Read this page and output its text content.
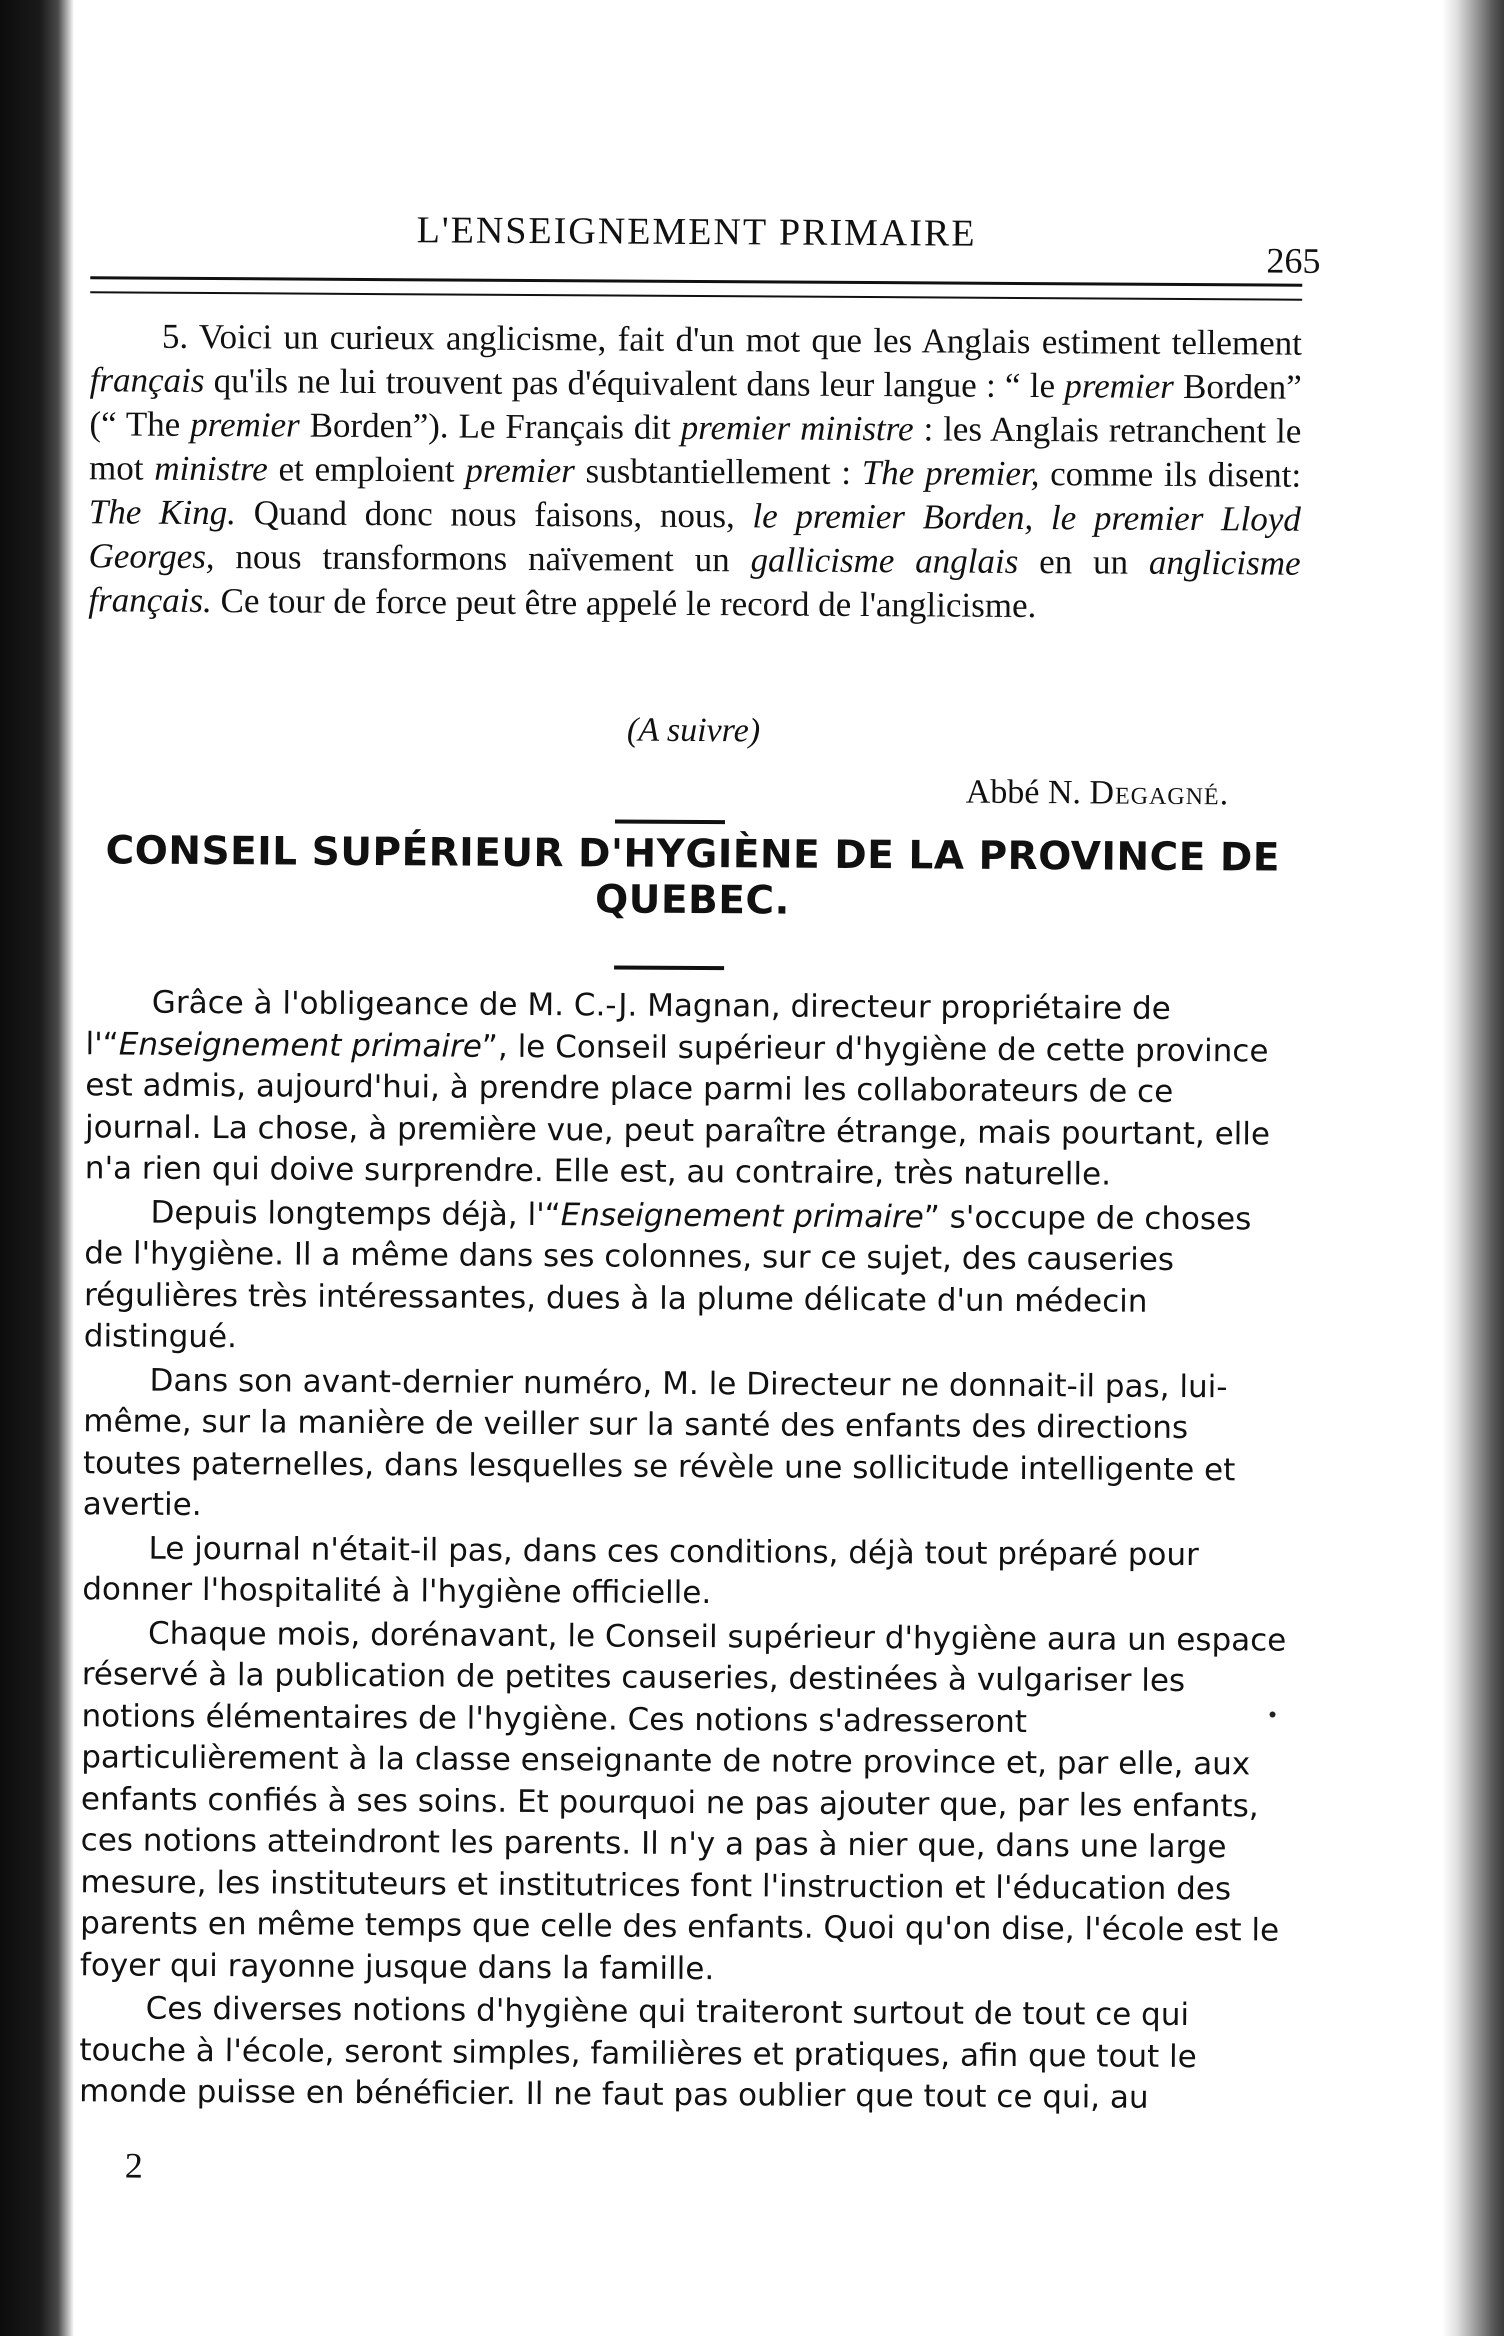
L'ENSEIGNEMENT PRIMAIRE
265

5. Voici un curieux anglicisme, fait d'un mot que les Anglais estiment tellement français qu'ils ne lui trouvent pas d'équivalent dans leur langue : “ le premier Borden” (“ The premier Borden”). Le Français dit premier ministre : les Anglais retranchent le mot ministre et emploient premier susbtantiellement : The premier, comme ils disent: The King. Quand donc nous faisons, nous, le premier Borden, le premier Lloyd Georges, nous transformons naïvement un gallicisme anglais en un anglicisme français. Ce tour de force peut être appelé le record de l'anglicisme.

(A suivre)
Abbé N. Degagné.
CONSEIL SUPÉRIEUR D'HYGIÈNE DE LA PROVINCE DE
QUEBEC.

Grâce à l'obligeance de M. C.-J. Magnan, directeur propriétaire de l'“Enseignement primaire”, le Conseil supérieur d'hygiène de cette province est admis, aujourd'hui, à prendre place parmi les collaborateurs de ce journal. La chose, à première vue, peut paraître étrange, mais pourtant, elle n'a rien qui doive surprendre. Elle est, au contraire, très naturelle.

Depuis longtemps déjà, l'“Enseignement primaire” s'occupe de choses de l'hygiène. Il a même dans ses colonnes, sur ce sujet, des causeries régulières très intéressantes, dues à la plume délicate d'un médecin distingué.

Dans son avant-dernier numéro, M. le Directeur ne donnait-il pas, lui-même, sur la manière de veiller sur la santé des enfants des directions toutes paternelles, dans lesquelles se révèle une sollicitude intelligente et avertie.

Le journal n'était-il pas, dans ces conditions, déjà tout préparé pour donner l'hospitalité à l'hygiène officielle.

Chaque mois, dorénavant, le Conseil supérieur d'hygiène aura un espace réservé à la publication de petites causeries, destinées à vulgariser les notions élémentaires de l'hygiène. Ces notions s'adresseront particulièrement à la classe enseignante de notre province et, par elle, aux enfants confiés à ses soins. Et pourquoi ne pas ajouter que, par les enfants, ces notions atteindront les parents. Il n'y a pas à nier que, dans une large mesure, les instituteurs et institutrices font l'instruction et l'éducation des parents en même temps que celle des enfants. Quoi qu'on dise, l'école est le foyer qui rayonne jusque dans la famille.

Ces diverses notions d'hygiène qui traiteront surtout de tout ce qui touche à l'école, seront simples, familières et pratiques, afin que tout le monde puisse en bénéficier. Il ne faut pas oublier que tout ce qui, au

2
